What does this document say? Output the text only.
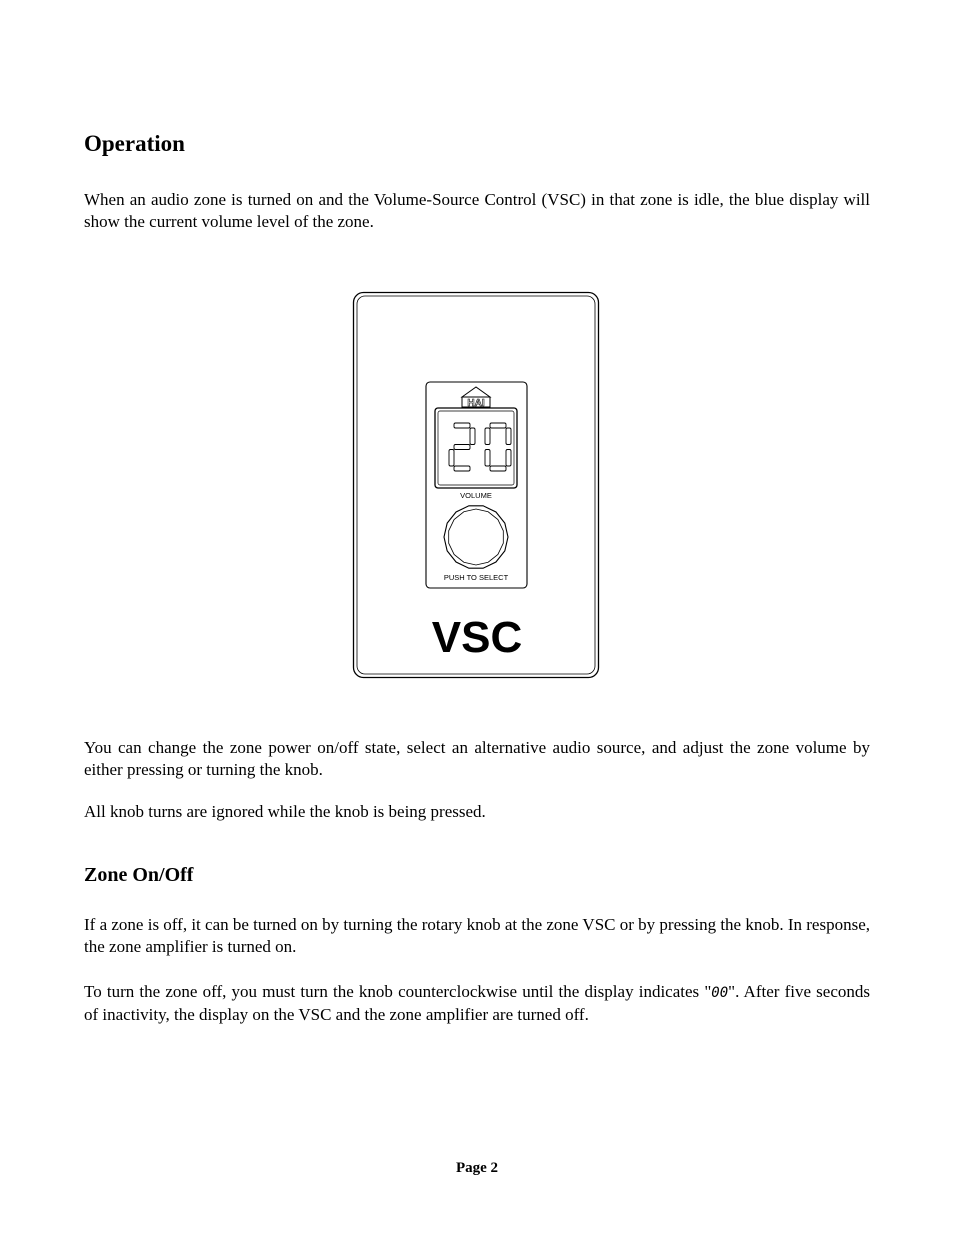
Operation

When an audio zone is turned on and the Volume-Source Control (VSC) in that zone is idle, the blue display will show the current volume level of the zone.

HAI
VOLUME
PUSH TO SELECT
VSC

You can change the zone power on/off state, select an alternative audio source, and adjust the zone volume by either pressing or turning the knob.

All knob turns are ignored while the knob is being pressed.

Zone On/Off

If a zone is off, it can be turned on by turning the rotary knob at the zone VSC or by pressing the knob. In response, the zone amplifier is turned on.

To turn the zone off, you must turn the knob counterclockwise until the display indicates "00". After five seconds of inactivity, the display on the VSC and the zone amplifier are turned off.

Page 2
